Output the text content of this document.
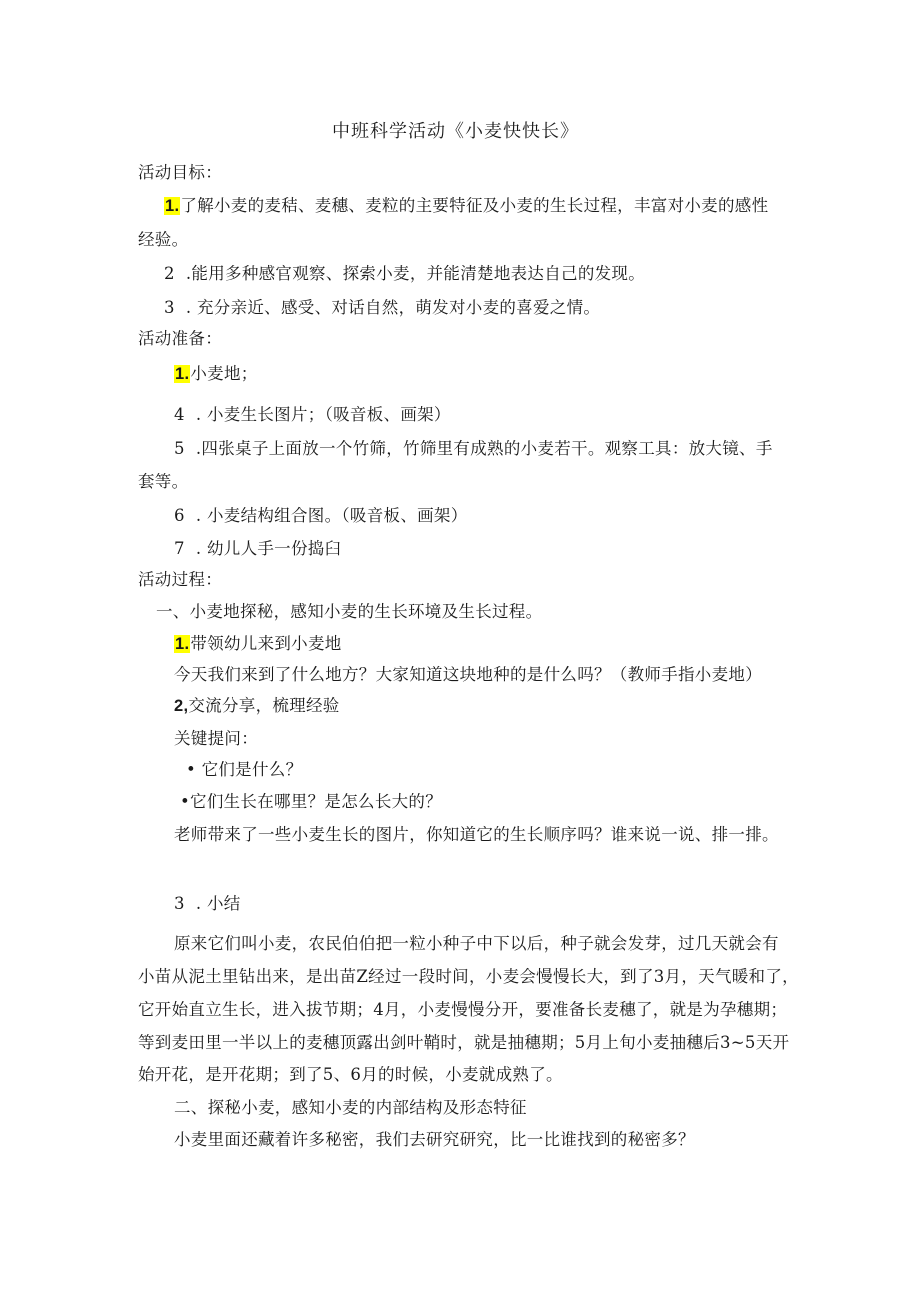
中班科学活动《小麦快快长》
活动目标：
1.了解小麦的麦秸、麦穗、麦粒的主要特征及小麦的生长过程，丰富对小麦的感性
经验。
2  .能用多种感官观察、探索小麦，并能清楚地表达自己的发现。
3  . 充分亲近、感受、对话自然，萌发对小麦的喜爱之情。
活动准备：
1.小麦地；
4  . 小麦生长图片；（吸音板、画架）
5  .四张桌子上面放一个竹筛，竹筛里有成熟的小麦若干。观察工具：放大镜、手
套等。
6  . 小麦结构组合图。（吸音板、画架）
7  . 幼儿人手一份捣臼
活动过程：
一、小麦地探秘，感知小麦的生长环境及生长过程。
1.带领幼儿来到小麦地
今天我们来到了什么地方？大家知道这块地种的是什么吗？（教师手指小麦地）
2,交流分享，梳理经验
关键提问：
• 它们是什么？
•它们生长在哪里？是怎么长大的？
老师带来了一些小麦生长的图片，你知道它的生长顺序吗？谁来说一说、排一排。
3  . 小结
原来它们叫小麦，农民伯伯把一粒小种子中下以后，种子就会发芽，过几天就会有
小苗从泥土里钻出来，是出苗Z经过一段时间，小麦会慢慢长大，到了3月，天气暖和了，
它开始直立生长，进入拔节期；4月，小麦慢慢分开，要准备长麦穗了，就是为孕穗期；
等到麦田里一半以上的麦穗顶露出剑叶鞘时，就是抽穗期；5月上旬小麦抽穗后3~5天开
始开花，是开花期；到了5、6月的时候，小麦就成熟了。
二、探秘小麦，感知小麦的内部结构及形态特征
小麦里面还藏着许多秘密，我们去研究研究，比一比谁找到的秘密多？
